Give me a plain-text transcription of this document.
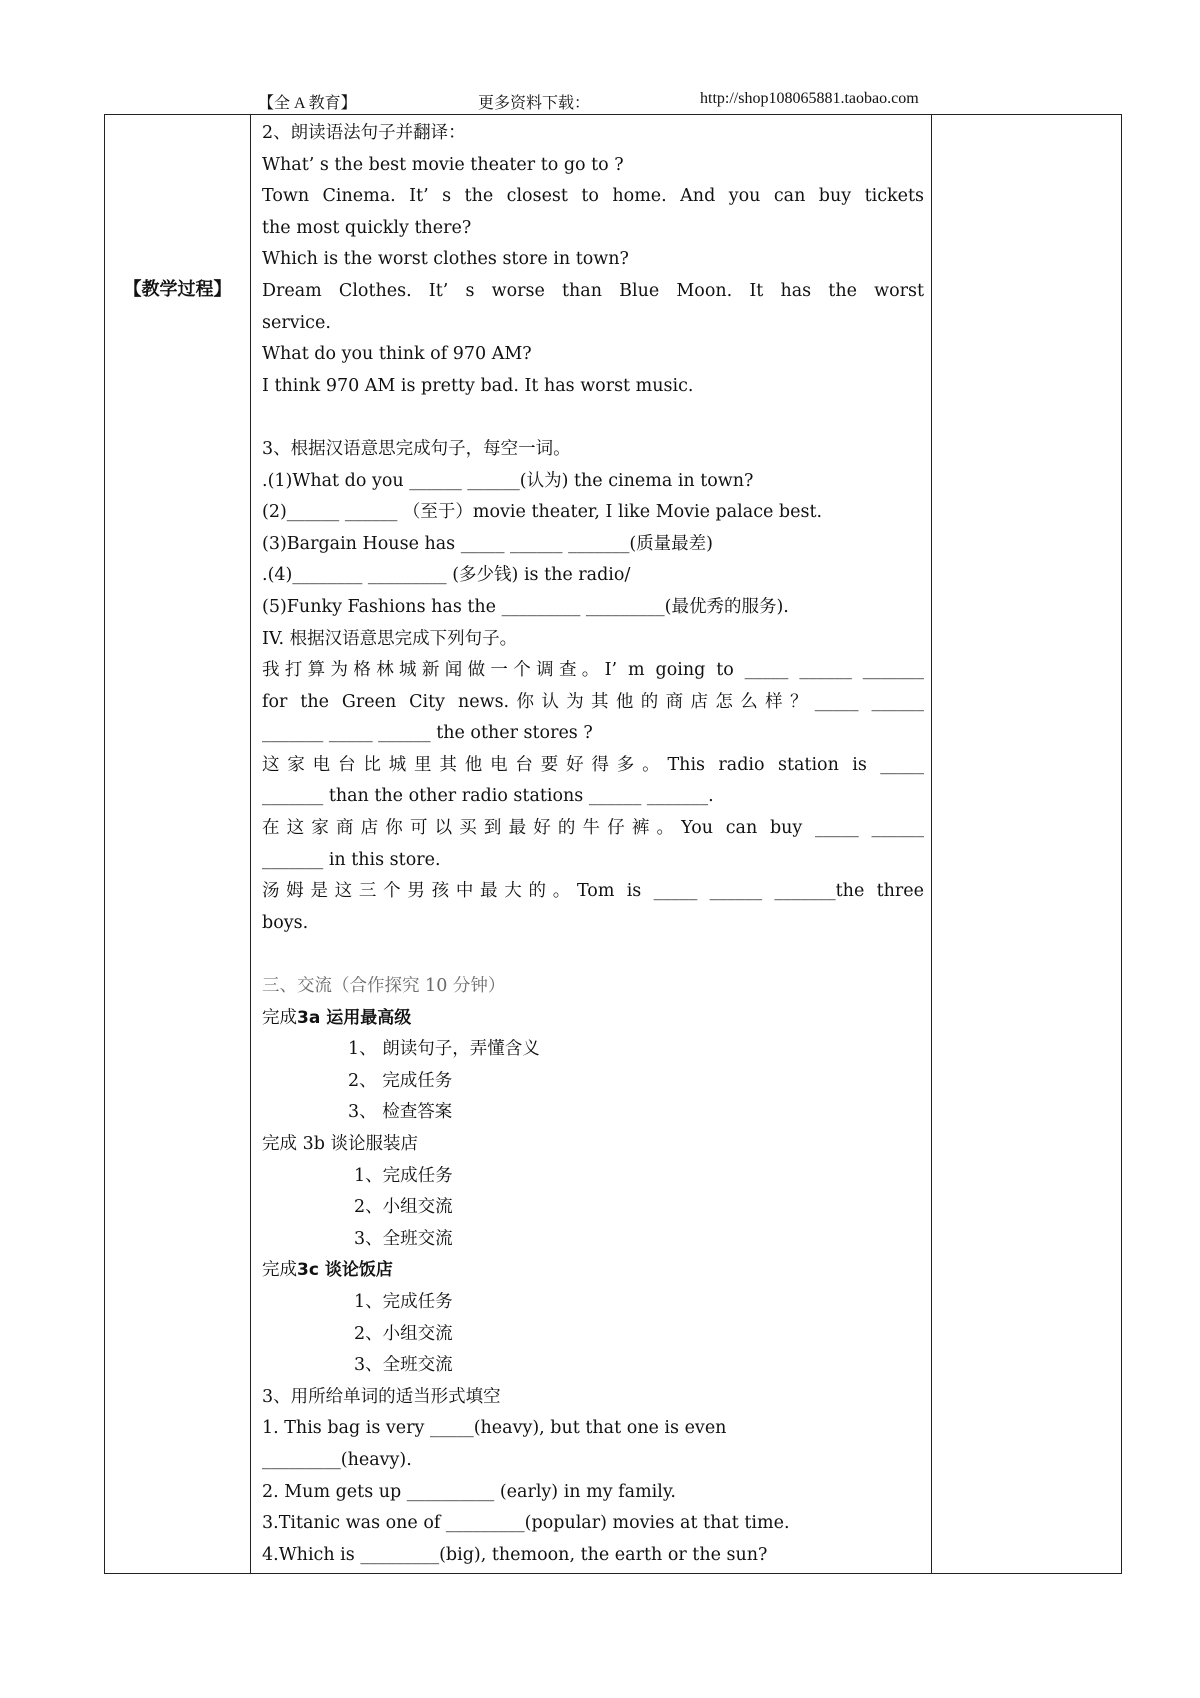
【全 A 教育】	更多资料下载：	http://shop108065881.taobao.com
【教学过程】
2、朗读语法句子并翻译：
What’ s the best movie theater to go to ?
Town Cinema. It’ s the closest to home. And you can buy tickets
the most quickly there?
Which is the worst clothes store in town?
Dream Clothes. It’ s worse than Blue Moon. It has the worst
service.
What do you think of 970 AM?
I think 970 AM is pretty bad. It has worst music.
3、根据汉语意思完成句子，每空一词。
.(1)What do you ______ ______(认为) the cinema in town?
(2)______ ______ （至于）movie theater, I like Movie palace best.
(3)Bargain House has _____ ______ _______(质量最差)
.(4)________ _________ (多少钱) is the radio/
(5)Funky Fashions has the _________ _________(最优秀的服务).
IV. 根据汉语意思完成下列句子。
我打算为格林城新闻做一个调查。I’ m going to _____ ______ _______
for the Green City news.你认为其他的商店怎么样？_____ ______
_______ _____ ______ the other stores ?
这家电台比城里其他电台要好得多。This radio station is _____
_______ than the other radio stations ______ _______.
在这家商店你可以买到最好的牛仔裤。You can buy _____ ______
_______ in this store.
汤姆是这三个男孩中最大的。Tom is _____ ______ _______the three
boys.
三、交流（合作探究 10 分钟）
完成3a 运用最高级
1、 朗读句子，弄懂含义
2、 完成任务
3、 检查答案
完成 3b 谈论服装店
1、完成任务
2、小组交流
3、全班交流
完成3c 谈论饭店
1、完成任务
2、小组交流
3、全班交流
3、用所给单词的适当形式填空
1. This bag is very _____(heavy), but that one is even
_________(heavy).
2. Mum gets up __________ (early) in my family.
3.Titanic was one of _________(popular) movies at that time.
4.Which is _________(big), themoon, the earth or the sun?
